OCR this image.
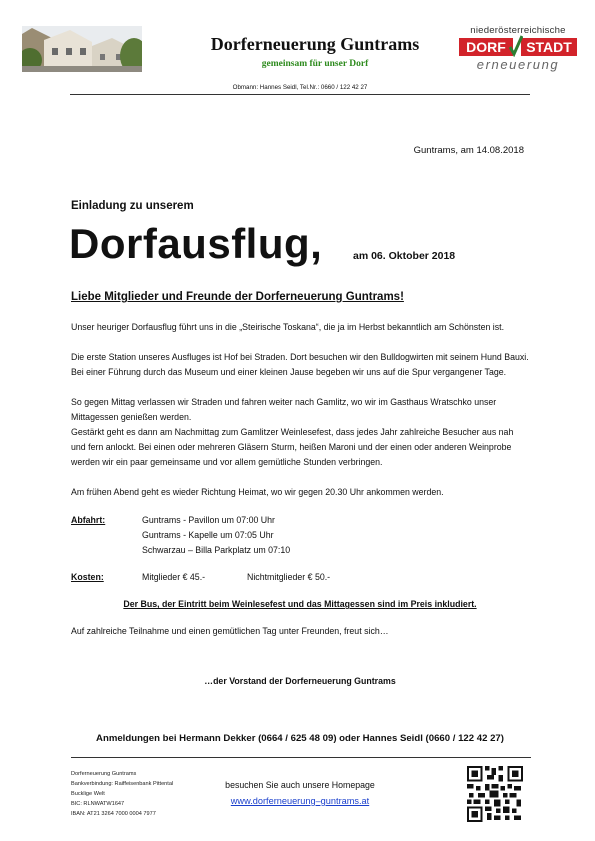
Dorferneuerung Guntrams
gemeinsam für unser Dorf
niederösterreichische
DORF	STADT
erneuerung
Obmann: Hannes Seidl, Tel.Nr.: 0660 / 122 42 27
Guntrams, am 14.08.2018
Einladung zu unserem
Dorfausflug,	am 06. Oktober 2018
Liebe Mitglieder und Freunde der Dorferneuerung Guntrams!
Unser heuriger Dorfausflug führt uns in die „Steirische Toskana“, die ja im Herbst bekanntlich am Schönsten ist.
Die erste Station unseres Ausfluges ist Hof bei Straden. Dort besuchen wir den Bulldogwirten mit seinem Hund Bauxi. Bei einer Führung durch das Museum und einer kleinen Jause begeben wir uns auf die Spur vergangener Tage.
So gegen Mittag verlassen wir Straden und fahren weiter nach Gamlitz, wo wir im Gasthaus Wratschko unser Mittagessen genießen werden.
Gestärkt geht es dann am Nachmittag zum Gamlitzer Weinlesefest, dass jedes Jahr zahlreiche Besucher aus nah und fern anlockt. Bei einen oder mehreren Gläsern Sturm, heißen Maroni und der einen oder anderen Weinprobe werden wir ein paar gemeinsame und vor allem gemütliche Stunden verbringen.
Am frühen Abend geht es wieder Richtung Heimat, wo wir gegen 20.30 Uhr ankommen werden.
Abfahrt:	Guntrams - Pavillon um 07:00 Uhr
Guntrams - Kapelle um 07:05 Uhr
Schwarzau – Billa Parkplatz um 07:10
Kosten:	Mitglieder € 45.-	Nichtmitglieder € 50.-
Der Bus, der Eintritt beim Weinlesefest und das Mittagessen sind im Preis inkludiert.
Auf zahlreiche Teilnahme und einen gemütlichen Tag unter Freunden, freut sich…
…der Vorstand der Dorferneuerung Guntrams
Anmeldungen bei Hermann Dekker (0664 / 625 48 09) oder Hannes Seidl (0660 / 122 42 27)
Dorferneuerung Guntrams
Bankverbindung: Raiffeisenbank Pittental
Bucklige Welt
BIC: RLNWATW1647
IBAN: AT21 3264 7000 0004 7977
besuchen Sie auch unsere Homepage
www.dorferneuerung–guntrams.at
